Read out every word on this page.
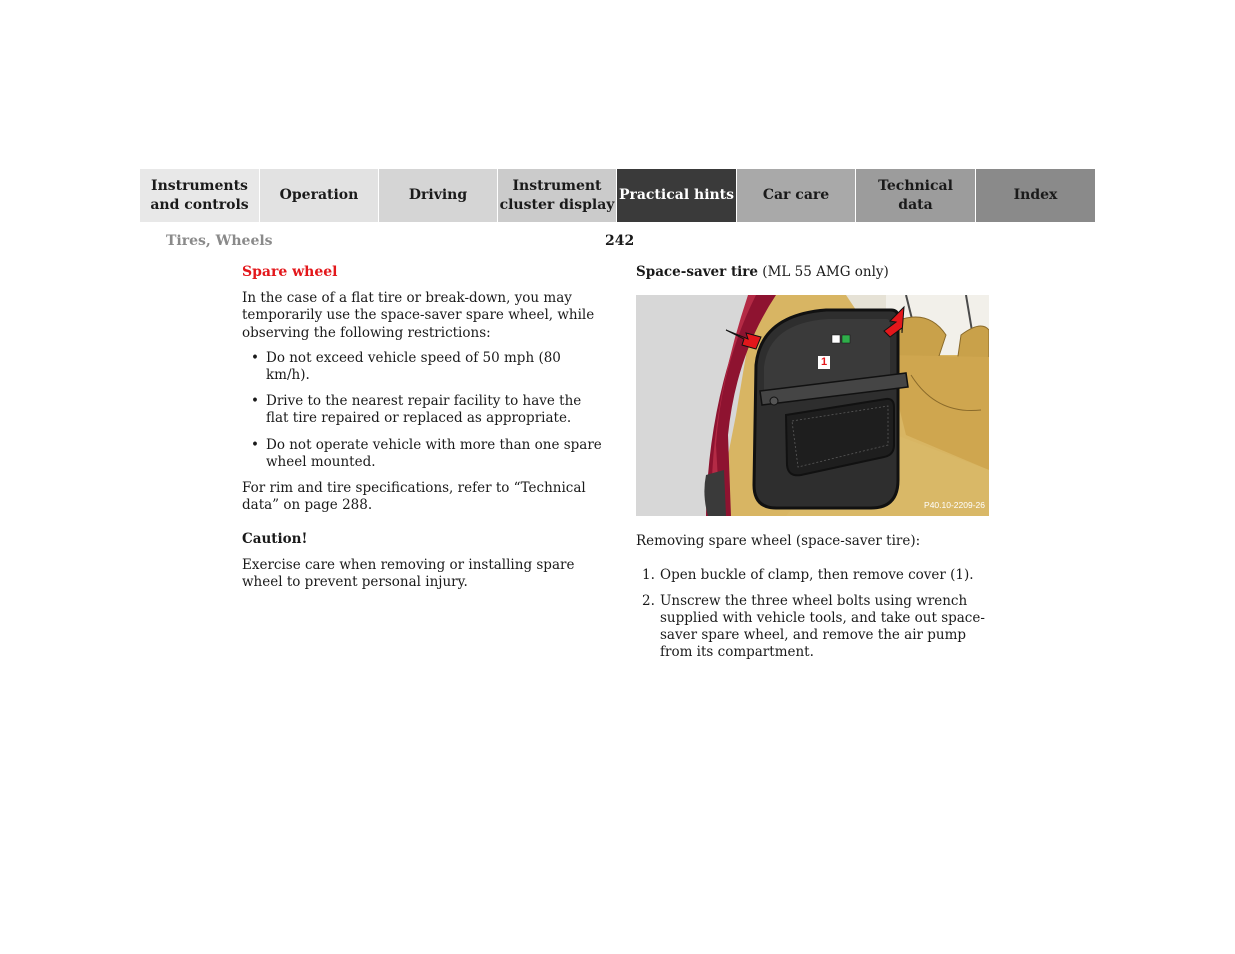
Instruments
and controls
Operation	Driving
Instrument
cluster display
Practical hints Car care
Technical
data
Index
Tires, Wheels	242
Spare wheel

In the case of a flat tire or break-down, you may temporarily use the space-saver spare wheel, while observing the following restrictions:

• Do not exceed vehicle speed of 50 mph (80 km/h).
• Drive to the nearest repair facility to have the flat tire repaired or replaced as appropriate.
• Do not operate vehicle with more than one spare wheel mounted.

For rim and tire specifications, refer to “Technical data” on page 288.

Caution!

Exercise care when removing or installing spare wheel to prevent personal injury.

Space-saver tire (ML 55 AMG only)
1
P40.10-2209-26

Removing spare wheel (space-saver tire):

1. Open buckle of clamp, then remove cover (1).
2. Unscrew the three wheel bolts using wrench supplied with vehicle tools, and take out space-saver spare wheel, and remove the air pump from its compartment.
